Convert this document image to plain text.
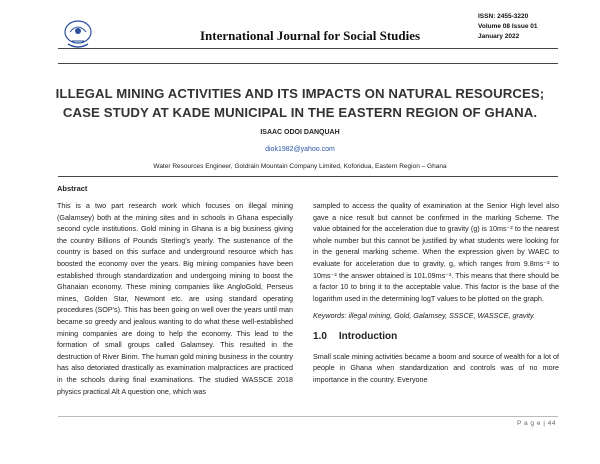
International Journal for Social Studies
ISSN: 2455-3220
Volume 08 Issue 01
January 2022
ILLEGAL MINING ACTIVITIES AND ITS IMPACTS ON NATURAL RESOURCES;
CASE STUDY AT KADE MUNICIPAL IN THE EASTERN REGION OF GHANA.
ISAAC ODOI DANQUAH
diok1982@yahoo.com
Water Resources Engineer, Goldrain Mountain Company Limited, Koforidua, Eastern Region – Ghana
Abstract

This is a two part research work which focuses on illegal mining (Galamsey) both at the mining sites and in schools in Ghana especially second cycle institutions. Gold mining in Ghana is a big business giving the country Billions of Pounds Sterling's yearly. The sustenance of the country is based on this surface and underground resource which has boosted the economy over the years. Big mining companies have been established through standardization and undergoing mining to boost the Ghanaian economy. These mining companies like AngloGold, Perseus mines, Golden Star, Newmont etc. are using standard operating procedures (SOP's). This has been going on well over the years until man became so greedy and jealous wanting to do what these well-established mining companies are doing to help the economy. This lead to the formation of small groups called Galamsey. This resulted in the destruction of River Birim. The human gold mining business in the country has also detoriated drastically as examination malpractices are practiced in the schools during final examinations. The studied WASSCE 2018 physics practical Alt A question one, which was

sampled to access the quality of examination at the Senior High level also gave a nice result but cannot be confirmed in the marking Scheme. The value obtained for the acceleration due to gravity (g) is 10ms⁻² to the nearest whole number but this cannot be justified by what students were looking for in the general marking scheme. When the expression given by WAEC to evaluate for acceleration due to gravity, g, which ranges from 9.8ms⁻² to 10ms⁻² the answer obtained is 101.09ms⁻². This means that there should be a factor 10 to bring it to the acceptable value. This factor is the base of the logarithm used in the determining logT values to be plotted on the graph.

Keywords: illegal mining, Gold, Galamsey, SSSCE, WASSCE, gravity.

1.0 Introduction

Small scale mining activities became a boom and source of wealth for a lot of people in Ghana when standardization and controls was of no more importance in the country. Everyone

P a g e | 44
